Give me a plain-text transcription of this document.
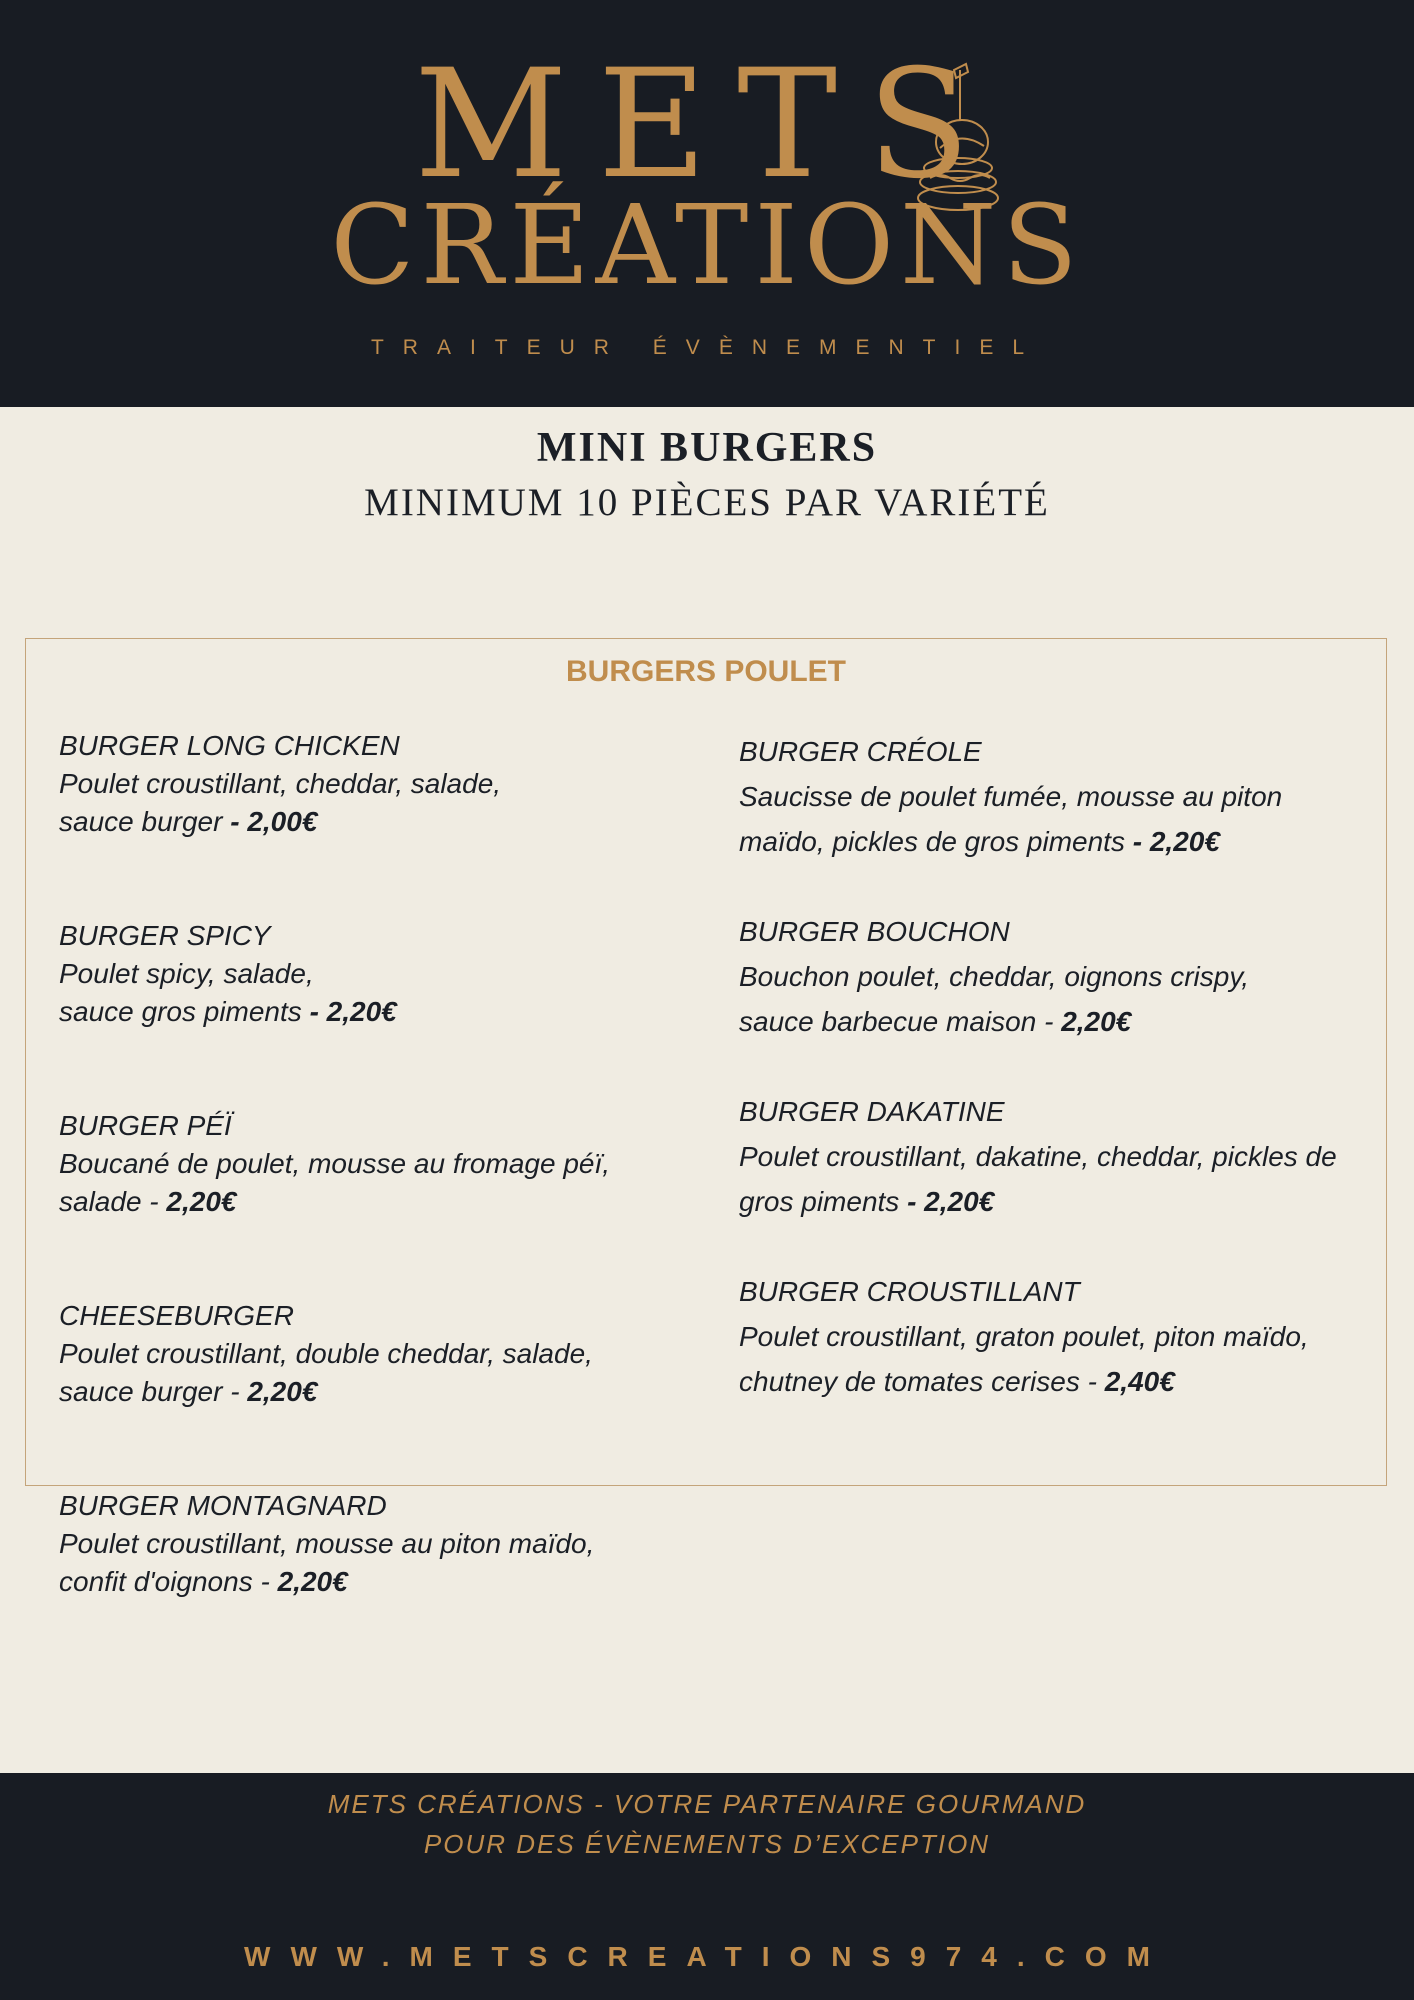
METS
CRÉATIONS
TRAITEUR ÉVÈNEMENTIEL
MINI BURGERS
MINIMUM 10 PIÈCES PAR VARIÉTÉ
BURGERS POULET
BURGER LONG CHICKEN
Poulet croustillant, cheddar, salade,
sauce burger - 2,00€
BURGER SPICY
Poulet spicy, salade,
sauce gros piments - 2,20€
BURGER PÉÏ
Boucané de poulet, mousse au fromage péï,
salade - 2,20€
CHEESEBURGER
Poulet croustillant, double cheddar, salade,
sauce burger - 2,20€
BURGER MONTAGNARD
Poulet croustillant, mousse au piton maïdo,
confit d'oignons - 2,20€
BURGER CRÉOLE
Saucisse de poulet fumée, mousse au piton
maïdo, pickles de gros piments - 2,20€
BURGER BOUCHON
Bouchon poulet, cheddar, oignons crispy,
sauce barbecue maison - 2,20€
BURGER DAKATINE
Poulet croustillant, dakatine, cheddar, pickles de
gros piments - 2,20€
BURGER CROUSTILLANT
Poulet croustillant, graton poulet, piton maïdo,
chutney de tomates cerises - 2,40€
METS CRÉATIONS - VOTRE PARTENAIRE GOURMAND
POUR DES ÉVÈNEMENTS D’EXCEPTION
WWW.METSCREATIONS974.COM
